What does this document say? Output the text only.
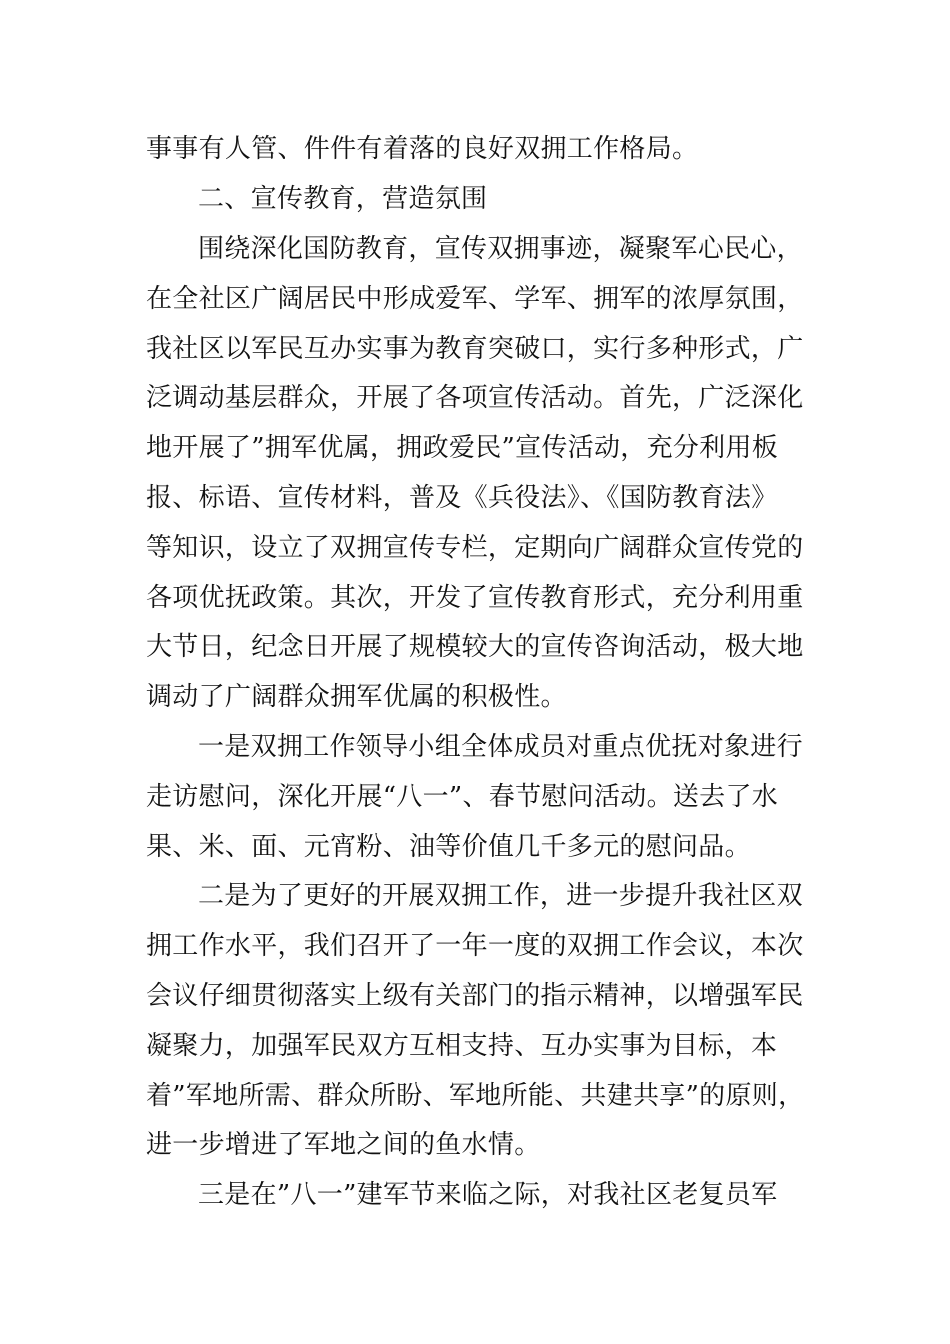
事事有人管、件件有着落的良好双拥工作格局。
二、宣传教育，营造氛围
围绕深化国防教育，宣传双拥事迹，凝聚军心民心，
在全社区广阔居民中形成爱军、学军、拥军的浓厚氛围，
我社区以军民互办实事为教育突破口，实行多种形式，广
泛调动基层群众，开展了各项宣传活动。首先，广泛深化
地开展了”拥军优属，拥政爱民”宣传活动，充分利用板
报、标语、宣传材料，普及《兵役法》、《国防教育法》
等知识，设立了双拥宣传专栏，定期向广阔群众宣传党的
各项优抚政策。其次，开发了宣传教育形式，充分利用重
大节日，纪念日开展了规模较大的宣传咨询活动，极大地
调动了广阔群众拥军优属的积极性。
一是双拥工作领导小组全体成员对重点优抚对象进行
走访慰问，深化开展“八一”、春节慰问活动。送去了水
果、米、面、元宵粉、油等价值几千多元的慰问品。
二是为了更好的开展双拥工作，进一步提升我社区双
拥工作水平，我们召开了一年一度的双拥工作会议，本次
会议仔细贯彻落实上级有关部门的指示精神，以增强军民
凝聚力，加强军民双方互相支持、互办实事为目标，本
着”军地所需、群众所盼、军地所能、共建共享”的原则，
进一步增进了军地之间的鱼水情。
三是在”八一”建军节来临之际，对我社区老复员军
